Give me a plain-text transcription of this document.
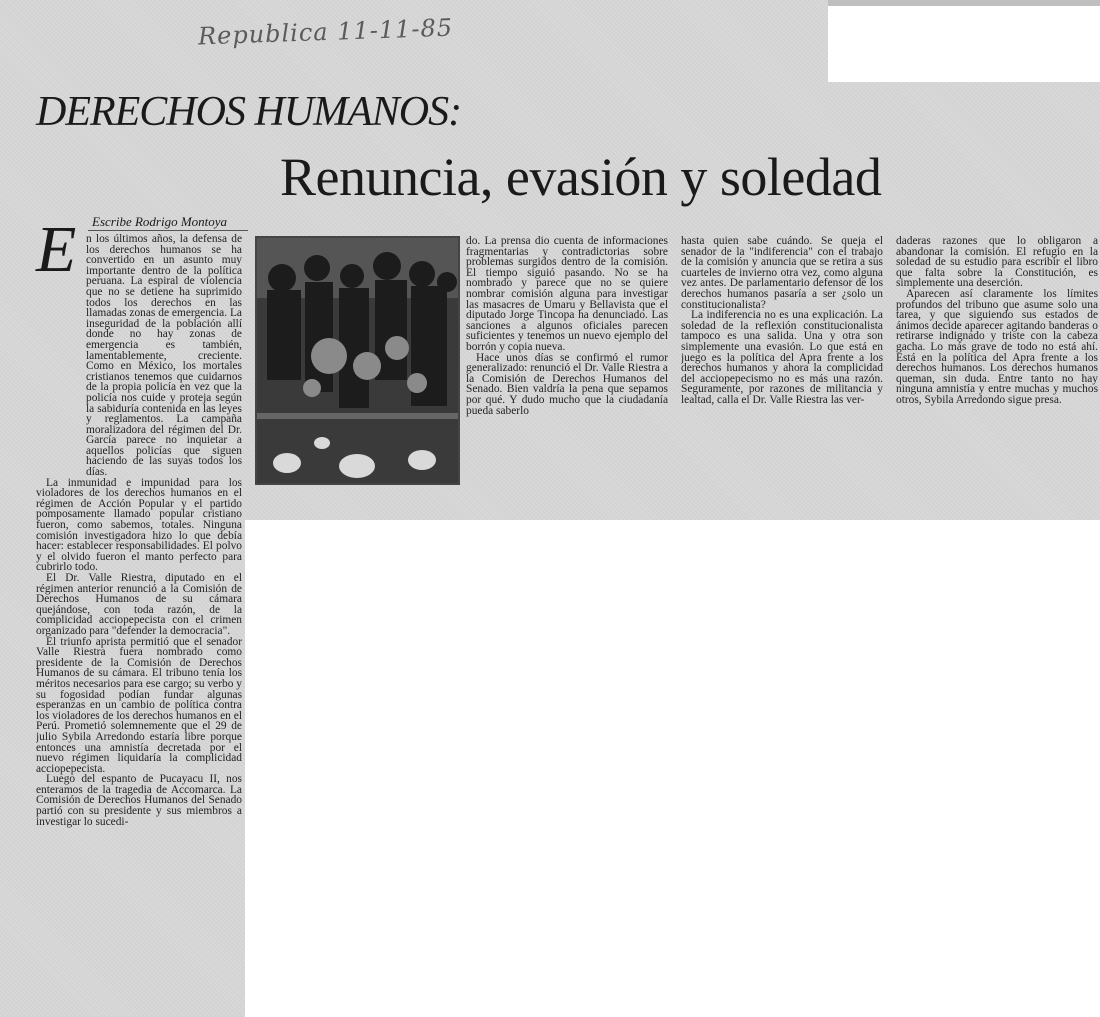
Republica 11-11-85
DERECHOS HUMANOS:
Renuncia, evasión y soledad
Escribe Rodrigo Montoya
E n los últimos años, la defensa de los derechos humanos se ha convertido en un asunto muy importante dentro de la política peruana. La espiral de violencia que no se detiene ha suprimido todos los derechos en las llamadas zonas de emergencia. La inseguridad de la población allí donde no hay zonas de emergencia es también, lamentablemente, creciente. Como en México, los mortales cristianos tenemos que cuidarnos de la propia policía en vez que la policía nos cuide y proteja según la sabiduría contenida en las leyes y reglamentos. La campaña moralizadora del régimen del Dr. García parece no inquietar a aquellos policías que siguen haciendo de las suyas todos los días.

La inmunidad e impunidad para los violadores de los derechos humanos en el régimen de Acción Popular y el partido pomposamente llamado popular cristiano fueron, como sabemos, totales. Ninguna comisión investigadora hizo lo que debía hacer: establecer responsabilidades. El polvo y el olvido fueron el manto perfecto para cubrirlo todo.

El Dr. Valle Riestra, diputado en el régimen anterior renunció a la Comisión de Derechos Humanos de su cámara quejándose, con toda razón, de la complicidad acciopepecista con el crimen organizado para "defender la democracia".

El triunfo aprista permitió que el senador Valle Riestra fuera nombrado como presidente de la Comisión de Derechos Humanos de su cámara. El tribuno tenía los méritos necesarios para ese cargo; su verbo y su fogosidad podían fundar algunas esperanzas en un cambio de política contra los violadores de los derechos humanos en el Perú. Prometió solemnemente que el 29 de julio Sybila Arredondo estaría libre porque entonces una amnistía decretada por el nuevo régimen liquidaría la complicidad acciopepecista.

Luego del espanto de Pucayacu II, nos enteramos de la tragedia de Accomarca. La Comisión de Derechos Humanos del Senado partió con su presidente y sus miembros a investigar lo sucedi-

do. La prensa dio cuenta de informaciones fragmentarias y contradictorias sobre problemas surgidos dentro de la comisión. El tiempo siguió pasando. No se ha nombrado y parece que no se quiere nombrar comisión alguna para investigar las masacres de Umaru y Bellavista que el diputado Jorge Tincopa ha denunciado. Las sanciones a algunos oficiales parecen suficientes y tenemos un nuevo ejemplo del borrón y copia nueva.

Hace unos días se confirmó el rumor generalizado: renunció el Dr. Valle Riestra a la Comisión de Derechos Humanos del Senado. Bien valdría la pena que sepamos por qué. Y dudo mucho que la ciudadanía pueda saberlo

hasta quien sabe cuándo. Se queja el senador de la "indiferencia" con el trabajo de la comisión y anuncia que se retira a sus cuarteles de invierno otra vez, como alguna vez antes. De parlamentario defensor de los derechos humanos pasaría a ser ¿solo un constitucionalista?

La indiferencia no es una explicación. La soledad de la reflexión constitucionalista tampoco es una salida. Una y otra son simplemente una evasión. Lo que está en juego es la política del Apra frente a los derechos humanos y ahora la complicidad del acciopepecismo no es más una razón. Seguramente, por razones de militancia y lealtad, calla el Dr. Valle Riestra las ver-

daderas razones que lo obligaron a abandonar la comisión. El refugio en la soledad de su estudio para escribir el libro que falta sobre la Constitución, es simplemente una deserción.

Aparecen así claramente los límites profundos del tribuno que asume solo una tarea, y que siguiendo sus estados de ánimos decide aparecer agitando banderas o retirarse indignado y triste con la cabeza gacha. Lo más grave de todo no está ahí. Está en la política del Apra frente a los derechos humanos. Los derechos humanos queman, sin duda. Entre tanto no hay ninguna amnistía y entre muchas y muchos otros, Sybila Arredondo sigue presa.
